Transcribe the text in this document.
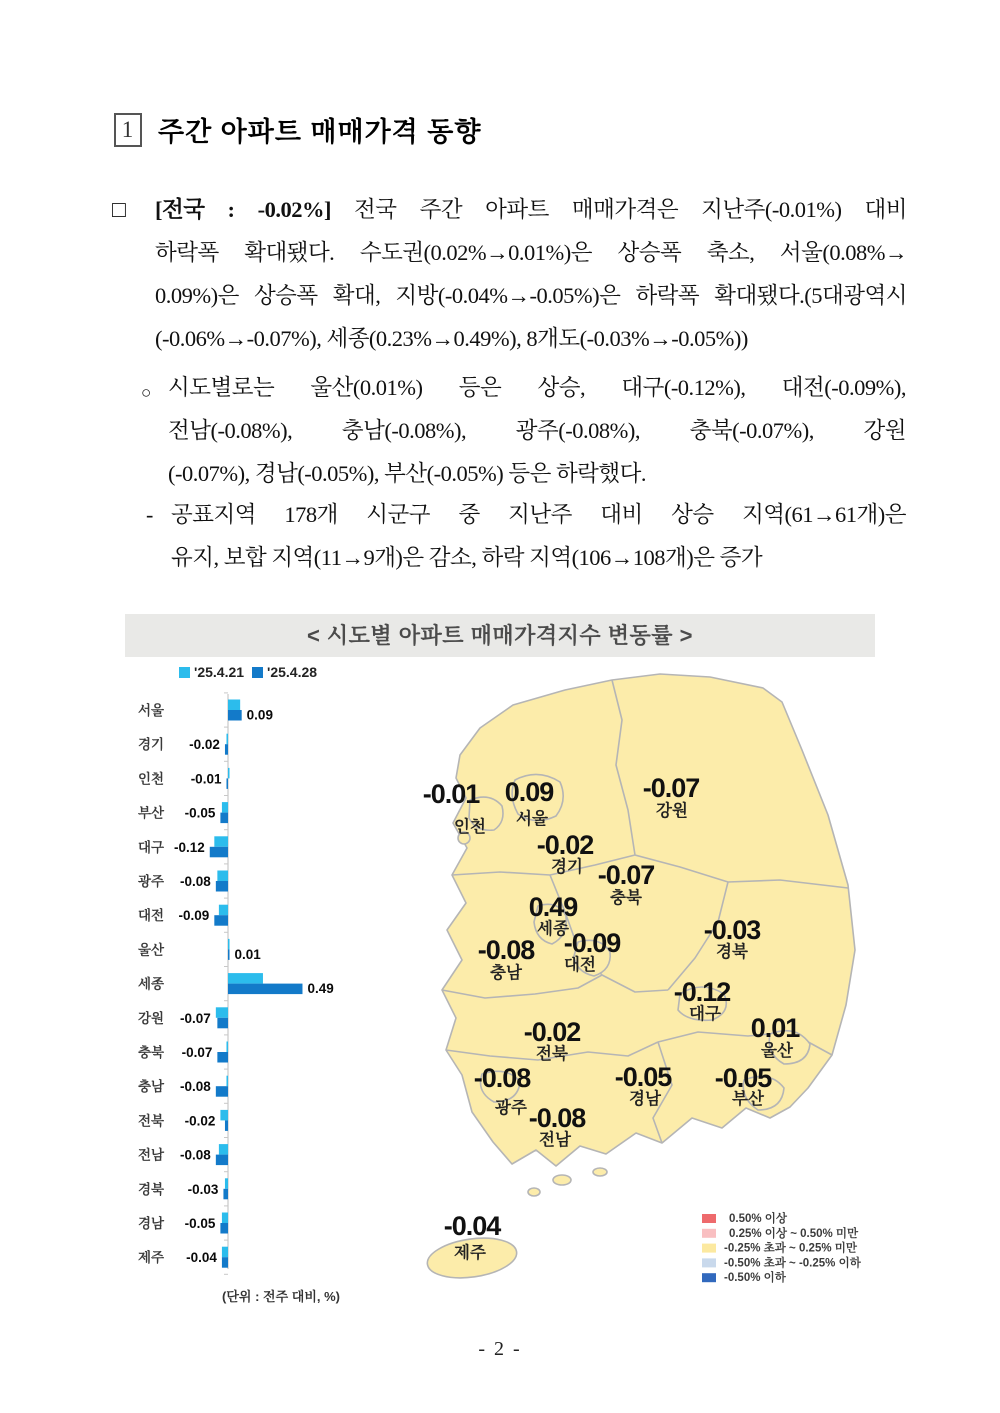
1 주간 아파트 매매가격 동향
□ [전국 : -0.02%] 전국 주간 아파트 매매가격은 지난주(-0.01%) 대비
하락폭 확대됐다. 수도권(0.02%→0.01%)은 상승폭 축소, 서울(0.08%→
0.09%)은 상승폭 확대, 지방(-0.04%→-0.05%)은 하락폭 확대됐다.(5대광역시
(-0.06%→-0.07%), 세종(0.23%→0.49%), 8개도(-0.03%→-0.05%))
○ 시도별로는 울산(0.01%) 등은 상승, 대구(-0.12%), 대전(-0.09%),
전남(-0.08%), 충남(-0.08%), 광주(-0.08%), 충북(-0.07%), 강원
(-0.07%), 경남(-0.05%), 부산(-0.05%) 등은 하락했다.
- 공표지역 178개 시군구 중 지난주 대비 상승 지역(61→61개)은
유지, 보합 지역(11→9개)은 감소, 하락 지역(106→108개)은 증가
< 시도별 아파트 매매가격지수 변동률 >
'25.4.21 '25.4.28
서울	0.09
경기 -0.02
인천 -0.01
부산 -0.05
대구 -0.12
광주 -0.08
대전 -0.09
울산	0.01
세종	0.49
강원 -0.07
충북 -0.07
충남 -0.08
전북 -0.02
전남 -0.08
경북 -0.03
경남 -0.05
제주 -0.04
(단위 : 전주 대비, %)
0.09
서울
-0.02
경기
-0.01
인천
-0.05
부산
-0.12
대구
-0.08
광주
-0.09
대전
0.01
울산
0.49
세종
-0.07
강원
-0.07
충북
-0.08
충남
-0.02
전북
-0.08
전남
-0.03
경북
-0.05
경남
-0.04
제주
0.50% 이상
0.25% 이상 ~ 0.50% 미만
-0.25% 초과 ~ 0.25% 미만
-0.50% 초과 ~ -0.25% 이하
-0.50% 이하
- 2 -
